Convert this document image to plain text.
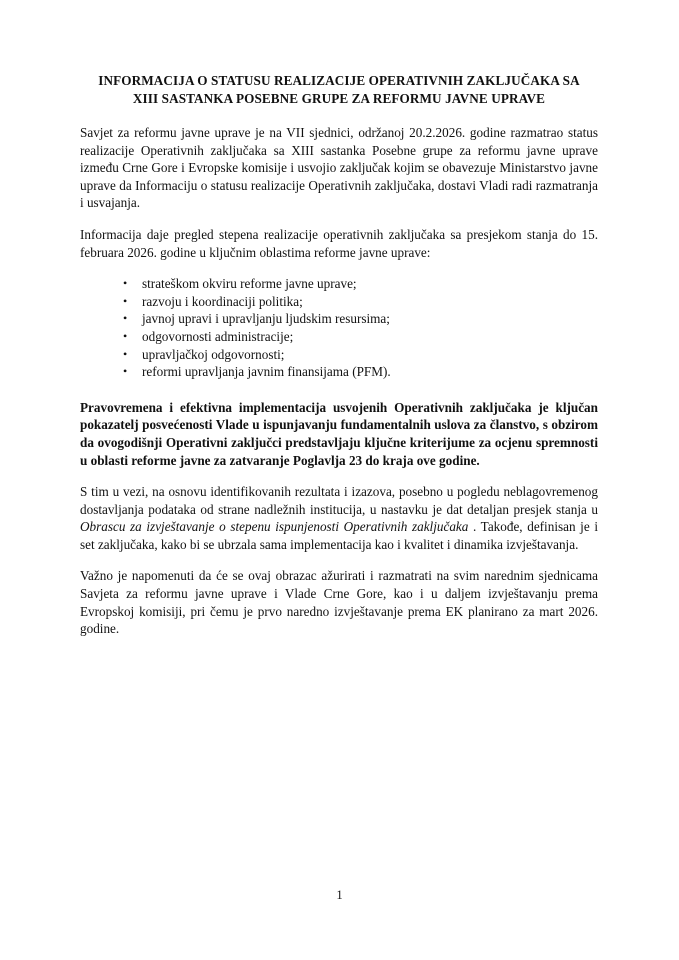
INFORMACIJA O STATUSU REALIZACIJE OPERATIVNIH ZAKLJUČAKA SA
XIII SASTANKA POSEBNE GRUPE ZA REFORMU JAVNE UPRAVE

Savjet za reformu javne uprave je na VII sjednici, održanoj 20.2.2026. godine razmatrao status realizacije Operativnih zaključaka sa XIII sastanka Posebne grupe za reformu javne uprave između Crne Gore i Evropske komisije i usvojio zaključak kojim se obavezuje Ministarstvo javne uprave da Informaciju o statusu realizacije Operativnih zaključaka, dostavi Vladi radi razmatranja i usvajanja.

Informacija daje pregled stepena realizacije operativnih zaključaka sa presjekom stanja do 15. februara 2026. godine u ključnim oblastima reforme javne uprave:

• strateškom okviru reforme javne uprave;
• razvoju i koordinaciji politika;
• javnoj upravi i upravljanju ljudskim resursima;
• odgovornosti administracije;
• upravljačkoj odgovornosti;
• reformi upravljanja javnim finansijama (PFM).

Pravovremena i efektivna implementacija usvojenih Operativnih zaključaka je ključan pokazatelj posvećenosti Vlade u ispunjavanju fundamentalnih uslova za članstvo, s obzirom da ovogodišnji Operativni zaključci predstavljaju ključne kriterijume za ocjenu spremnosti u oblasti reforme javne za zatvaranje Poglavlja 23 do kraja ove godine.

S tim u vezi, na osnovu identifikovanih rezultata i izazova, posebno u pogledu neblagovremenog dostavljanja podataka od strane nadležnih institucija, u nastavku je dat detaljan presjek stanja u Obrascu za izvještavanje o stepenu ispunjenosti Operativnih zaključaka . Takođe, definisan je i set zaključaka, kako bi se ubrzala sama implementacija kao i kvalitet i dinamika izvještavanja.

Važno je napomenuti da će se ovaj obrazac ažurirati i razmatrati na svim narednim sjednicama Savjeta za reformu javne uprave i Vlade Crne Gore, kao i u daljem izvještavanju prema Evropskoj komisiji, pri čemu je prvo naredno izvještavanje prema EK planirano za mart 2026. godine.

1
